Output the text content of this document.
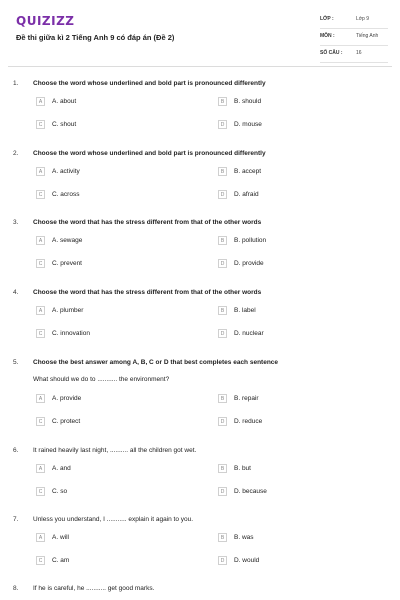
QUIZIZZ
Đề thi giữa kì 2 Tiếng Anh 9 có đáp án (Đề 2)
LỚP :	Lớp 9
MÔN :	Tiếng Anh
SỐ CÂU :	16
1. Choose the word whose underlined and bold part is pronounced differently
A	A. about	B	B. should
C	C. shout	D	D. mouse
2. Choose the word whose underlined and bold part is pronounced differently
A	A. activity	B	B. accept
C	C. across	D	D. afraid
3. Choose the word that has the stress different from that of the other words
A	A. sewage	B	B. pollution
C	C. prevent	D	D. provide
4. Choose the word that has the stress different from that of the other words
A	A. plumber	B	B. label
C	C. innovation	D	D. nuclear
5. Choose the best answer among A, B, C or D that best completes each sentence
What should we do to ........... the environment?
A	A. provide	B	B. repair
C	C. protect	D	D. reduce
6. It rained heavily last night, .......... all the children got wet.
A	A. and	B	B. but
C	C. so	D	D. because
7. Unless you understand, I ........... explain it again to you.
A	A. will	B	B. was
C	C. am	D	D. would
8. If he is careful, he ........... get good marks.
